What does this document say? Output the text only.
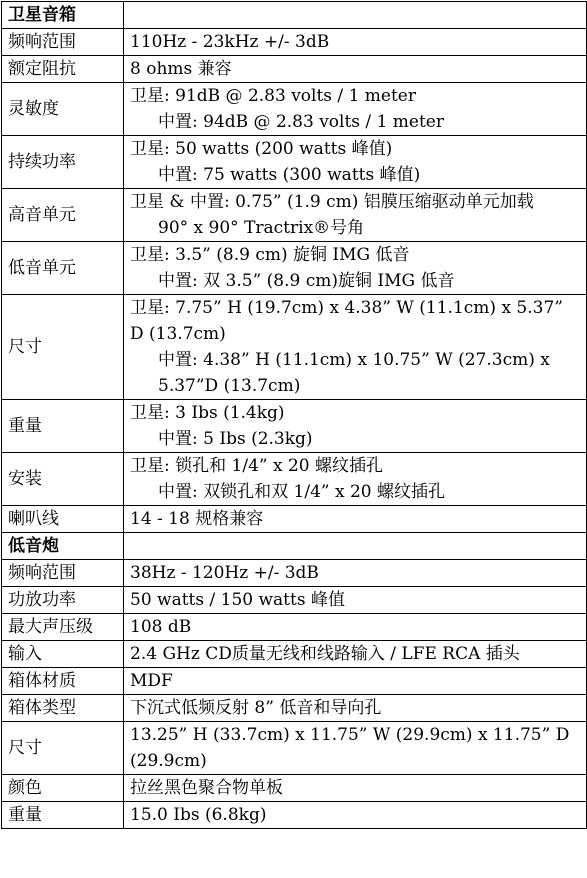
卫星音箱	
频响范围	110Hz - 23kHz +/- 3dB

额定阻抗	8 ohms 兼容

灵敏度	卫星: 91dB @ 2.83 volts / 1 meter
中置: 94dB @ 2.83 volts / 1 meter

持续功率	卫星: 50 watts (200 watts 峰值)
中置: 75 watts (300 watts 峰值)

高音单元	卫星 & 中置: 0.75” (1.9 cm) 铝膜压缩驱动单元加载
90° x 90° Tractrix®号角

低音单元	卫星: 3.5” (8.9 cm) 旋铜 IMG 低音
中置: 双 3.5” (8.9 cm)旋铜 IMG 低音

尺寸	卫星: 7.75” H (19.7cm) x 4.38” W (11.1cm) x 5.37” D (13.7cm)
中置: 4.38” H (11.1cm) x 10.75” W (27.3cm) x 5.37”D (13.7cm)

重量	卫星: 3 Ibs (1.4kg)
中置: 5 Ibs (2.3kg)

安装	卫星: 锁孔和 1/4” x 20 螺纹插孔
中置: 双锁孔和双 1/4” x 20 螺纹插孔

喇叭线	14 - 18 规格兼容

低音炮	
频响范围	38Hz - 120Hz +/- 3dB

功放功率	50 watts / 150 watts 峰值

最大声压级	108 dB

输入	2.4 GHz CD质量无线和线路输入 / LFE RCA 插头

箱体材质	MDF

箱体类型	下沉式低频反射 8” 低音和导向孔

尺寸	13.25” H (33.7cm) x 11.75” W (29.9cm) x 11.75” D (29.9cm)

颜色	拉丝黑色聚合物单板

重量	15.0 Ibs (6.8kg)
